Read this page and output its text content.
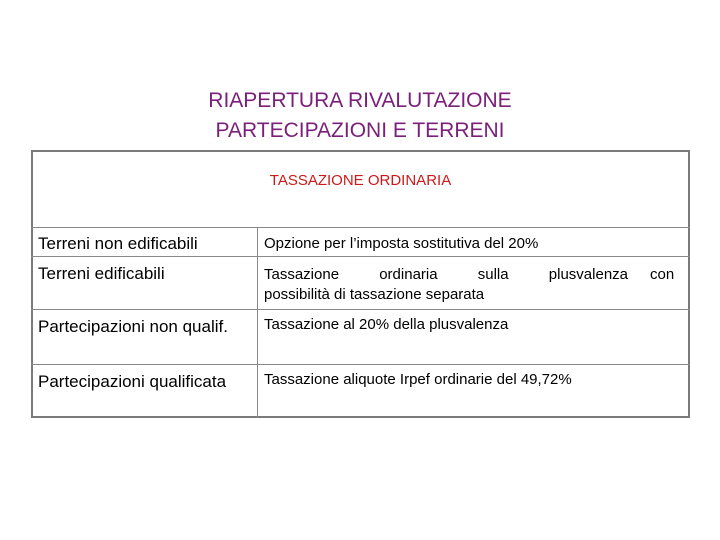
RIAPERTURA RIVALUTAZIONE
PARTECIPAZIONI E TERRENI
TASSAZIONE ORDINARIA
Terreni non edificabili	Opzione per l’imposta sostitutiva del 20%
Terreni edificabili	Tassazione ordinaria sulla plusvalenza con
possibilità di tassazione separata
Partecipazioni non qualif.	Tassazione al 20% della plusvalenza
Partecipazioni qualificata	Tassazione aliquote Irpef ordinarie del 49,72%
